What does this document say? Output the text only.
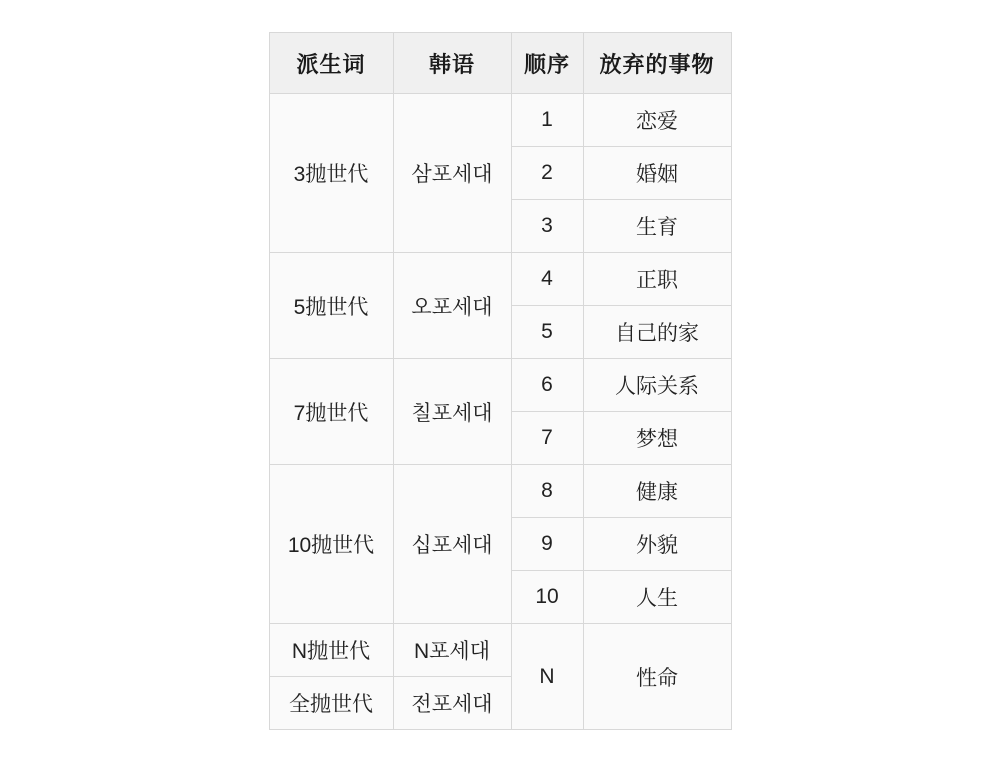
派生词	韩语	顺序	放弃的事物
3抛世代	삼포세대	1	恋爱
		2	婚姻
		3	生育
5抛世代	오포세대	4	正职
		5	自己的家
7抛世代	칠포세대	6	人际关系
		7	梦想
10抛世代	십포세대	8	健康
		9	外貌
		10	人生
N抛世代	N포세대	N	性命
全抛世代	전포세대		
